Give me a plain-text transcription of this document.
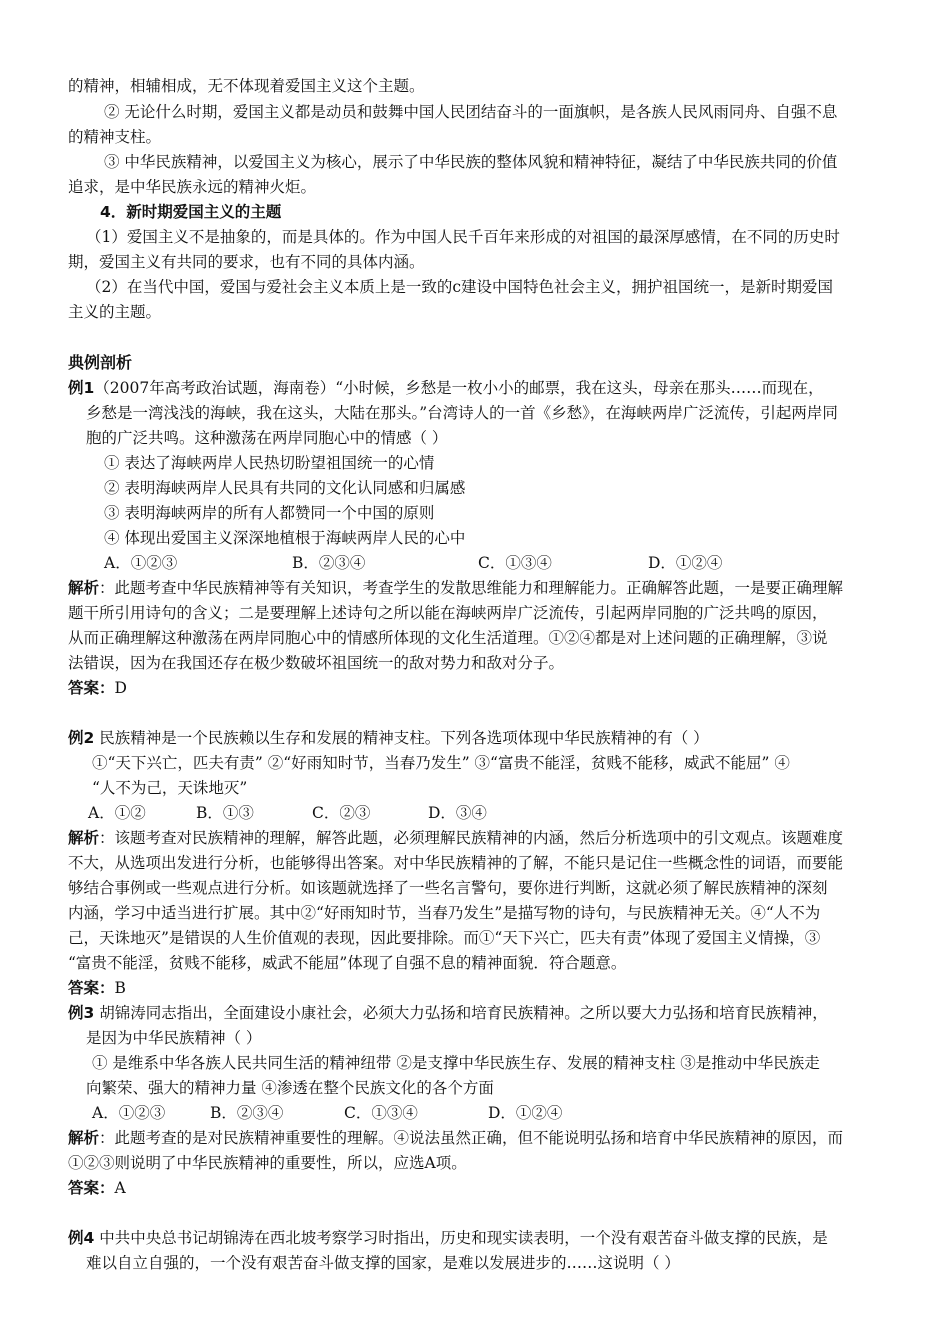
的精神，相辅相成，无不体现着爱国主义这个主题。
② 无论什么时期，爱国主义都是动员和鼓舞中国人民团结奋斗的一面旗帜，是各族人民风雨同舟、自强不息
的精神支柱。
③ 中华民族精神，以爱国主义为核心，展示了中华民族的整体风貌和精神特征，凝结了中华民族共同的价值
追求，是中华民族永远的精神火炬。
4．新时期爱国主义的主题
（1）爱国主义不是抽象的，而是具体的。作为中国人民千百年来形成的对祖国的最深厚感情，在不同的历史时
期，爱国主义有共同的要求，也有不同的具体内涵。
（2）在当代中国，爱国与爱社会主义本质上是一致的c建设中国特色社会主义，拥护祖国统一，是新时期爱国
主义的主题。
典例剖析
例1（2007年高考政治试题，海南卷）“小时候，乡愁是一枚小小的邮票，我在这头，母亲在那头……而现在，
乡愁是一湾浅浅的海峡，我在这头，大陆在那头。”台湾诗人的一首《乡愁》，在海峡两岸广泛流传，引起两岸同
胞的广泛共鸣。这种激荡在两岸同胞心中的情感（ ）
① 表达了海峡两岸人民热切盼望祖国统一的心情
② 表明海峡两岸人民具有共同的文化认同感和归属感
③ 表明海峡两岸的所有人都赞同一个中国的原则
④ 体现出爱国主义深深地植根于海峡两岸人民的心中
A．①②③	B．②③④	C．①③④	D．①②④
解析：此题考查中华民族精神等有关知识，考查学生的发散思维能力和理解能力。正确解答此题，一是要正确理解
题干所引用诗句的含义；二是要理解上述诗句之所以能在海峡两岸广泛流传，引起两岸同胞的广泛共鸣的原因，
从而正确理解这种激荡在两岸同胞心中的情感所体现的文化生活道理。①②④都是对上述问题的正确理解，③说
法错误，因为在我国还存在极少数破坏祖国统一的敌对势力和敌对分子。
答案：D
例2 民族精神是一个民族赖以生存和发展的精神支柱。下列各选项体现中华民族精神的有（ ）
①“天下兴亡，匹夫有责” ②“好雨知时节，当春乃发生” ③“富贵不能淫，贫贱不能移，威武不能屈” ④
“人不为己，天诛地灭”
A．①②	B．①③	C．②③	D．③④
解析：该题考查对民族精神的理解，解答此题，必须理解民族精神的内涵，然后分析选项中的引文观点。该题难度
不大，从选项出发进行分析，也能够得出答案。对中华民族精神的了解，不能只是记住一些概念性的词语，而要能
够结合事例或一些观点进行分析。如该题就选择了一些名言警句，要你进行判断，这就必须了解民族精神的深刻
内涵，学习中适当进行扩展。其中②“好雨知时节，当春乃发生”是描写物的诗句，与民族精神无关。④“人不为
己，天诛地灭”是错误的人生价值观的表现，因此要排除。而①“天下兴亡，匹夫有责”体现了爱国主义情操，③
“富贵不能淫，贫贱不能移，威武不能屈”体现了自强不息的精神面貌．符合题意。
答案：B
例3 胡锦涛同志指出，全面建设小康社会，必须大力弘扬和培育民族精神。之所以要大力弘扬和培育民族精神，
是因为中华民族精神（ ）
① 是维系中华各族人民共同生活的精神纽带 ②是支撑中华民族生存、发展的精神支柱 ③是推动中华民族走
向繁荣、强大的精神力量 ④渗透在整个民族文化的各个方面
A．①②③	B．②③④	C．①③④	D．①②④
解析：此题考查的是对民族精神重要性的理解。④说法虽然正确，但不能说明弘扬和培育中华民族精神的原因，而
①②③则说明了中华民族精神的重要性，所以，应选A项。
答案：A
例4 中共中央总书记胡锦涛在西北坡考察学习时指出，历史和现实读表明，一个没有艰苦奋斗做支撑的民族，是
难以自立自强的，一个没有艰苦奋斗做支撑的国家，是难以发展进步的……这说明（ ）
